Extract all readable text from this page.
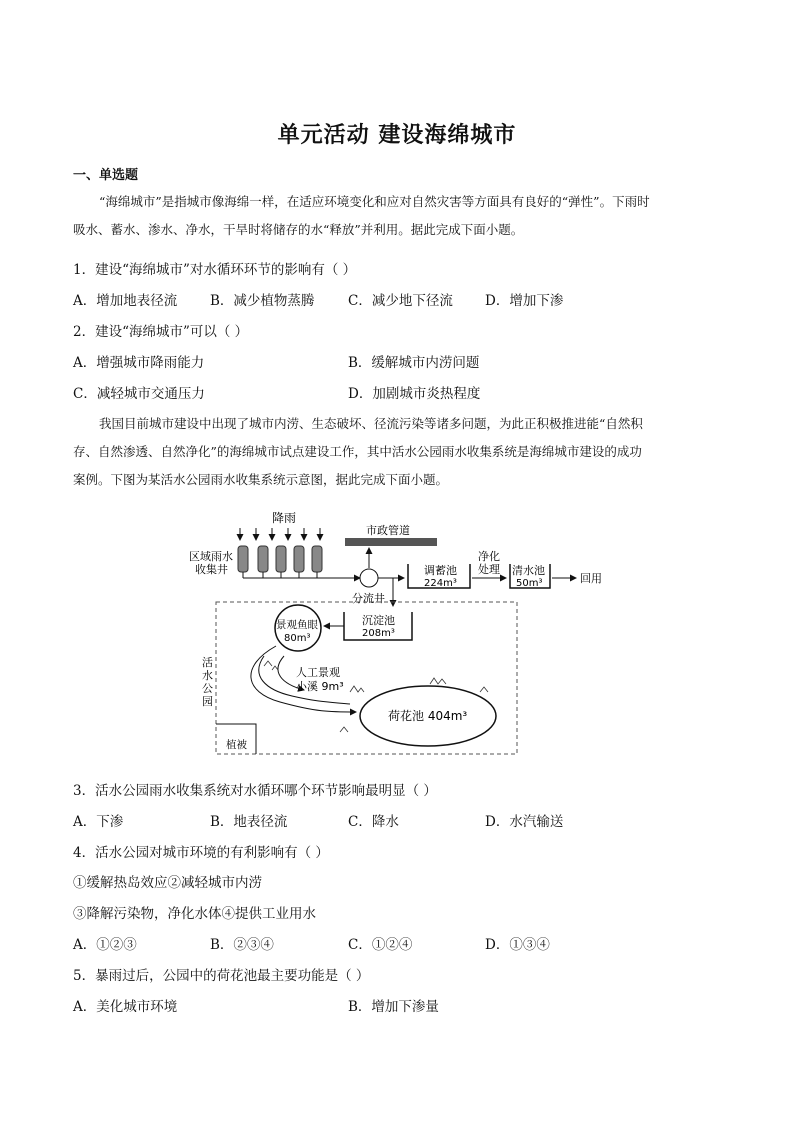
单元活动 建设海绵城市
一、单选题
“海绵城市”是指城市像海绵一样，在适应环境变化和应对自然灾害等方面具有良好的“弹性”。下雨时
吸水、蓄水、渗水、净水，干旱时将储存的水“释放”并利用。据此完成下面小题。
1．建设“海绵城市”对水循环环节的影响有（ ）
A．增加地表径流 B．减少植物蒸腾 C．减少地下径流 D．增加下渗
2．建设“海绵城市”可以（ ）
A．增强城市降雨能力	B．缓解城市内涝问题
C．减轻城市交通压力	D．加剧城市炎热程度
我国目前城市建设中出现了城市内涝、生态破坏、径流污染等诸多问题，为此正积极推进能“自然积
存、自然渗透、自然净化”的海绵城市试点建设工作，其中活水公园雨水收集系统是海绵城市建设的成功
案例。下图为某活水公园雨水收集系统示意图，据此完成下面小题。
降雨
区域雨水
收集井
市政管道
分流井
调蓄池
224m³
净化
处理 清水池
50m³	回用
活
水
公
园
沉淀池
208m³
景观鱼眼
80m³
人工景观
小溪 9m³
荷花池 404m³
植被
3．活水公园雨水收集系统对水循环哪个环节影响最明显（ ）
A．下渗	B．地表径流	C．降水	D．水汽输送
4．活水公园对城市环境的有利影响有（ ）
①缓解热岛效应②减轻城市内涝
③降解污染物，净化水体④提供工业用水
A．①②③	B．②③④	C．①②④	D．①③④
5．暴雨过后，公园中的荷花池最主要功能是（ ）
A．美化城市环境	B．增加下渗量
